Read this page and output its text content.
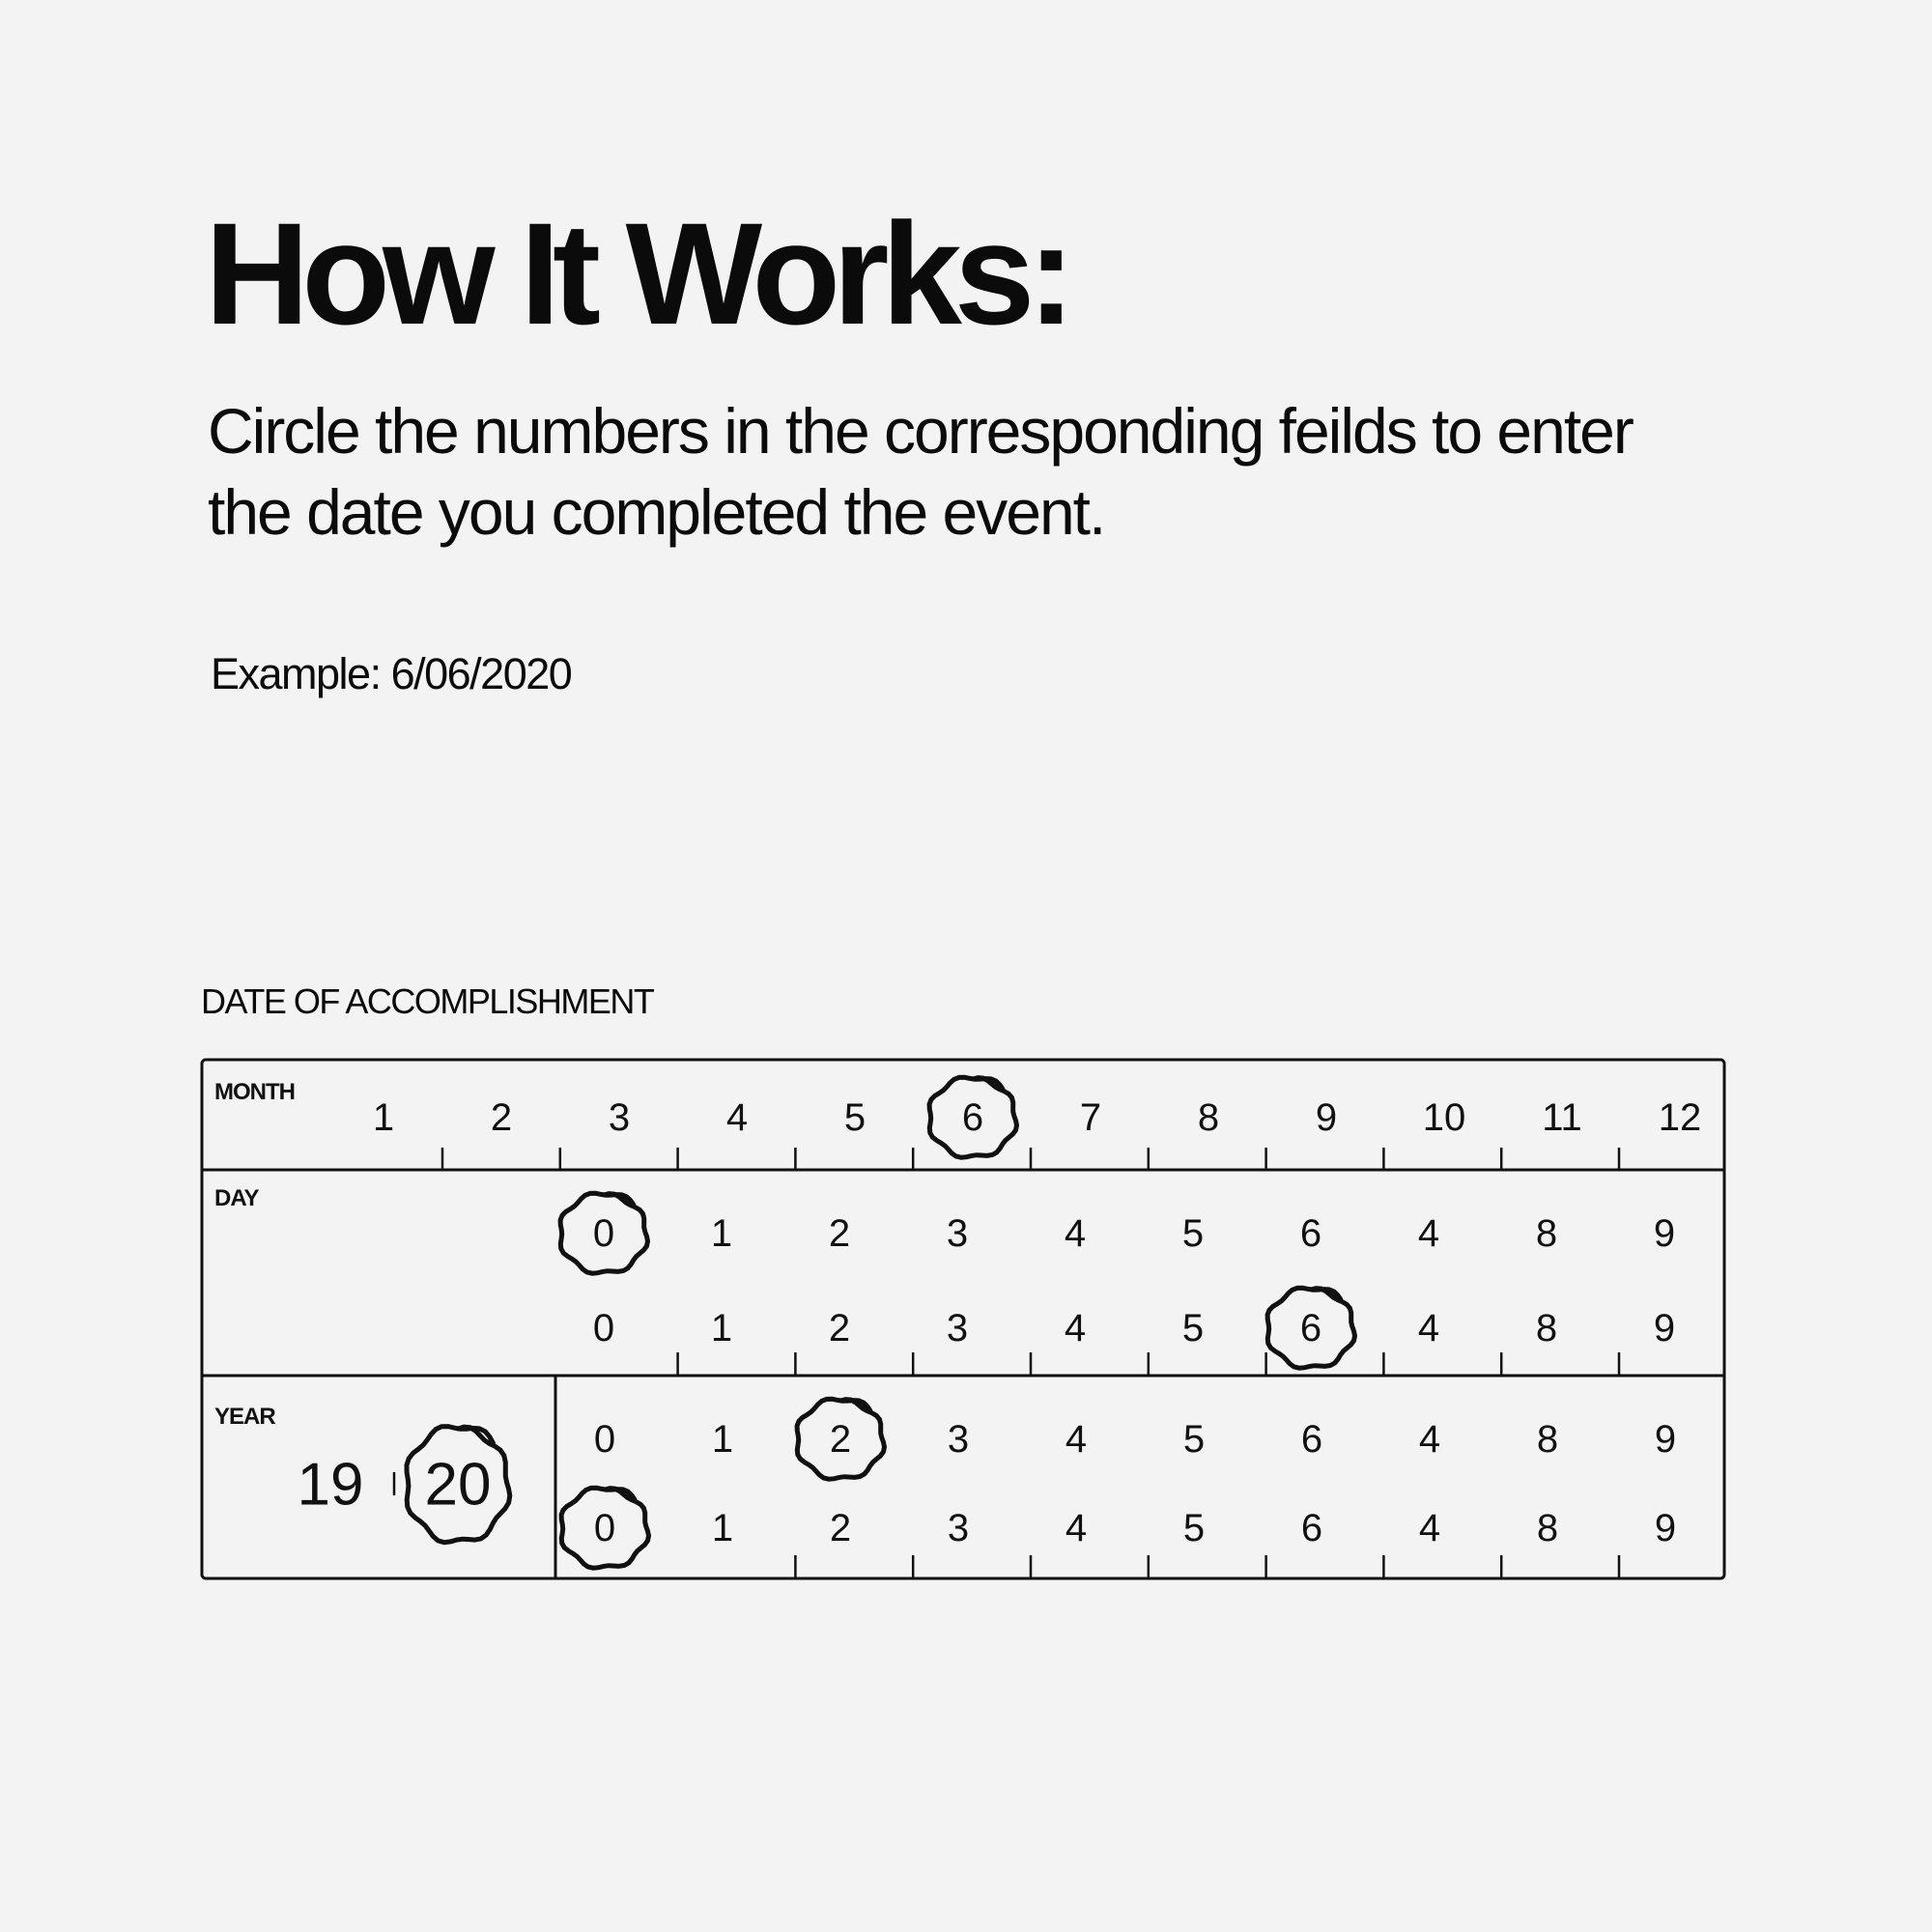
How It Works:

Circle the numbers in the corresponding feilds to enter the date you completed the event.

Example: 6/06/2020

DATE OF ACCOMPLISHMENT

MONTH
DAY
YEAR
1 2 3 4 5 6 7 8 9 10 11 12
0 1 2 3 4 5 6 4 8 9
0 1 2 3 4 5 6 4 8 9
0 1 2 3 4 5 6 4 8 9
0 1 2 3 4 5 6 4 8 9
19 20
